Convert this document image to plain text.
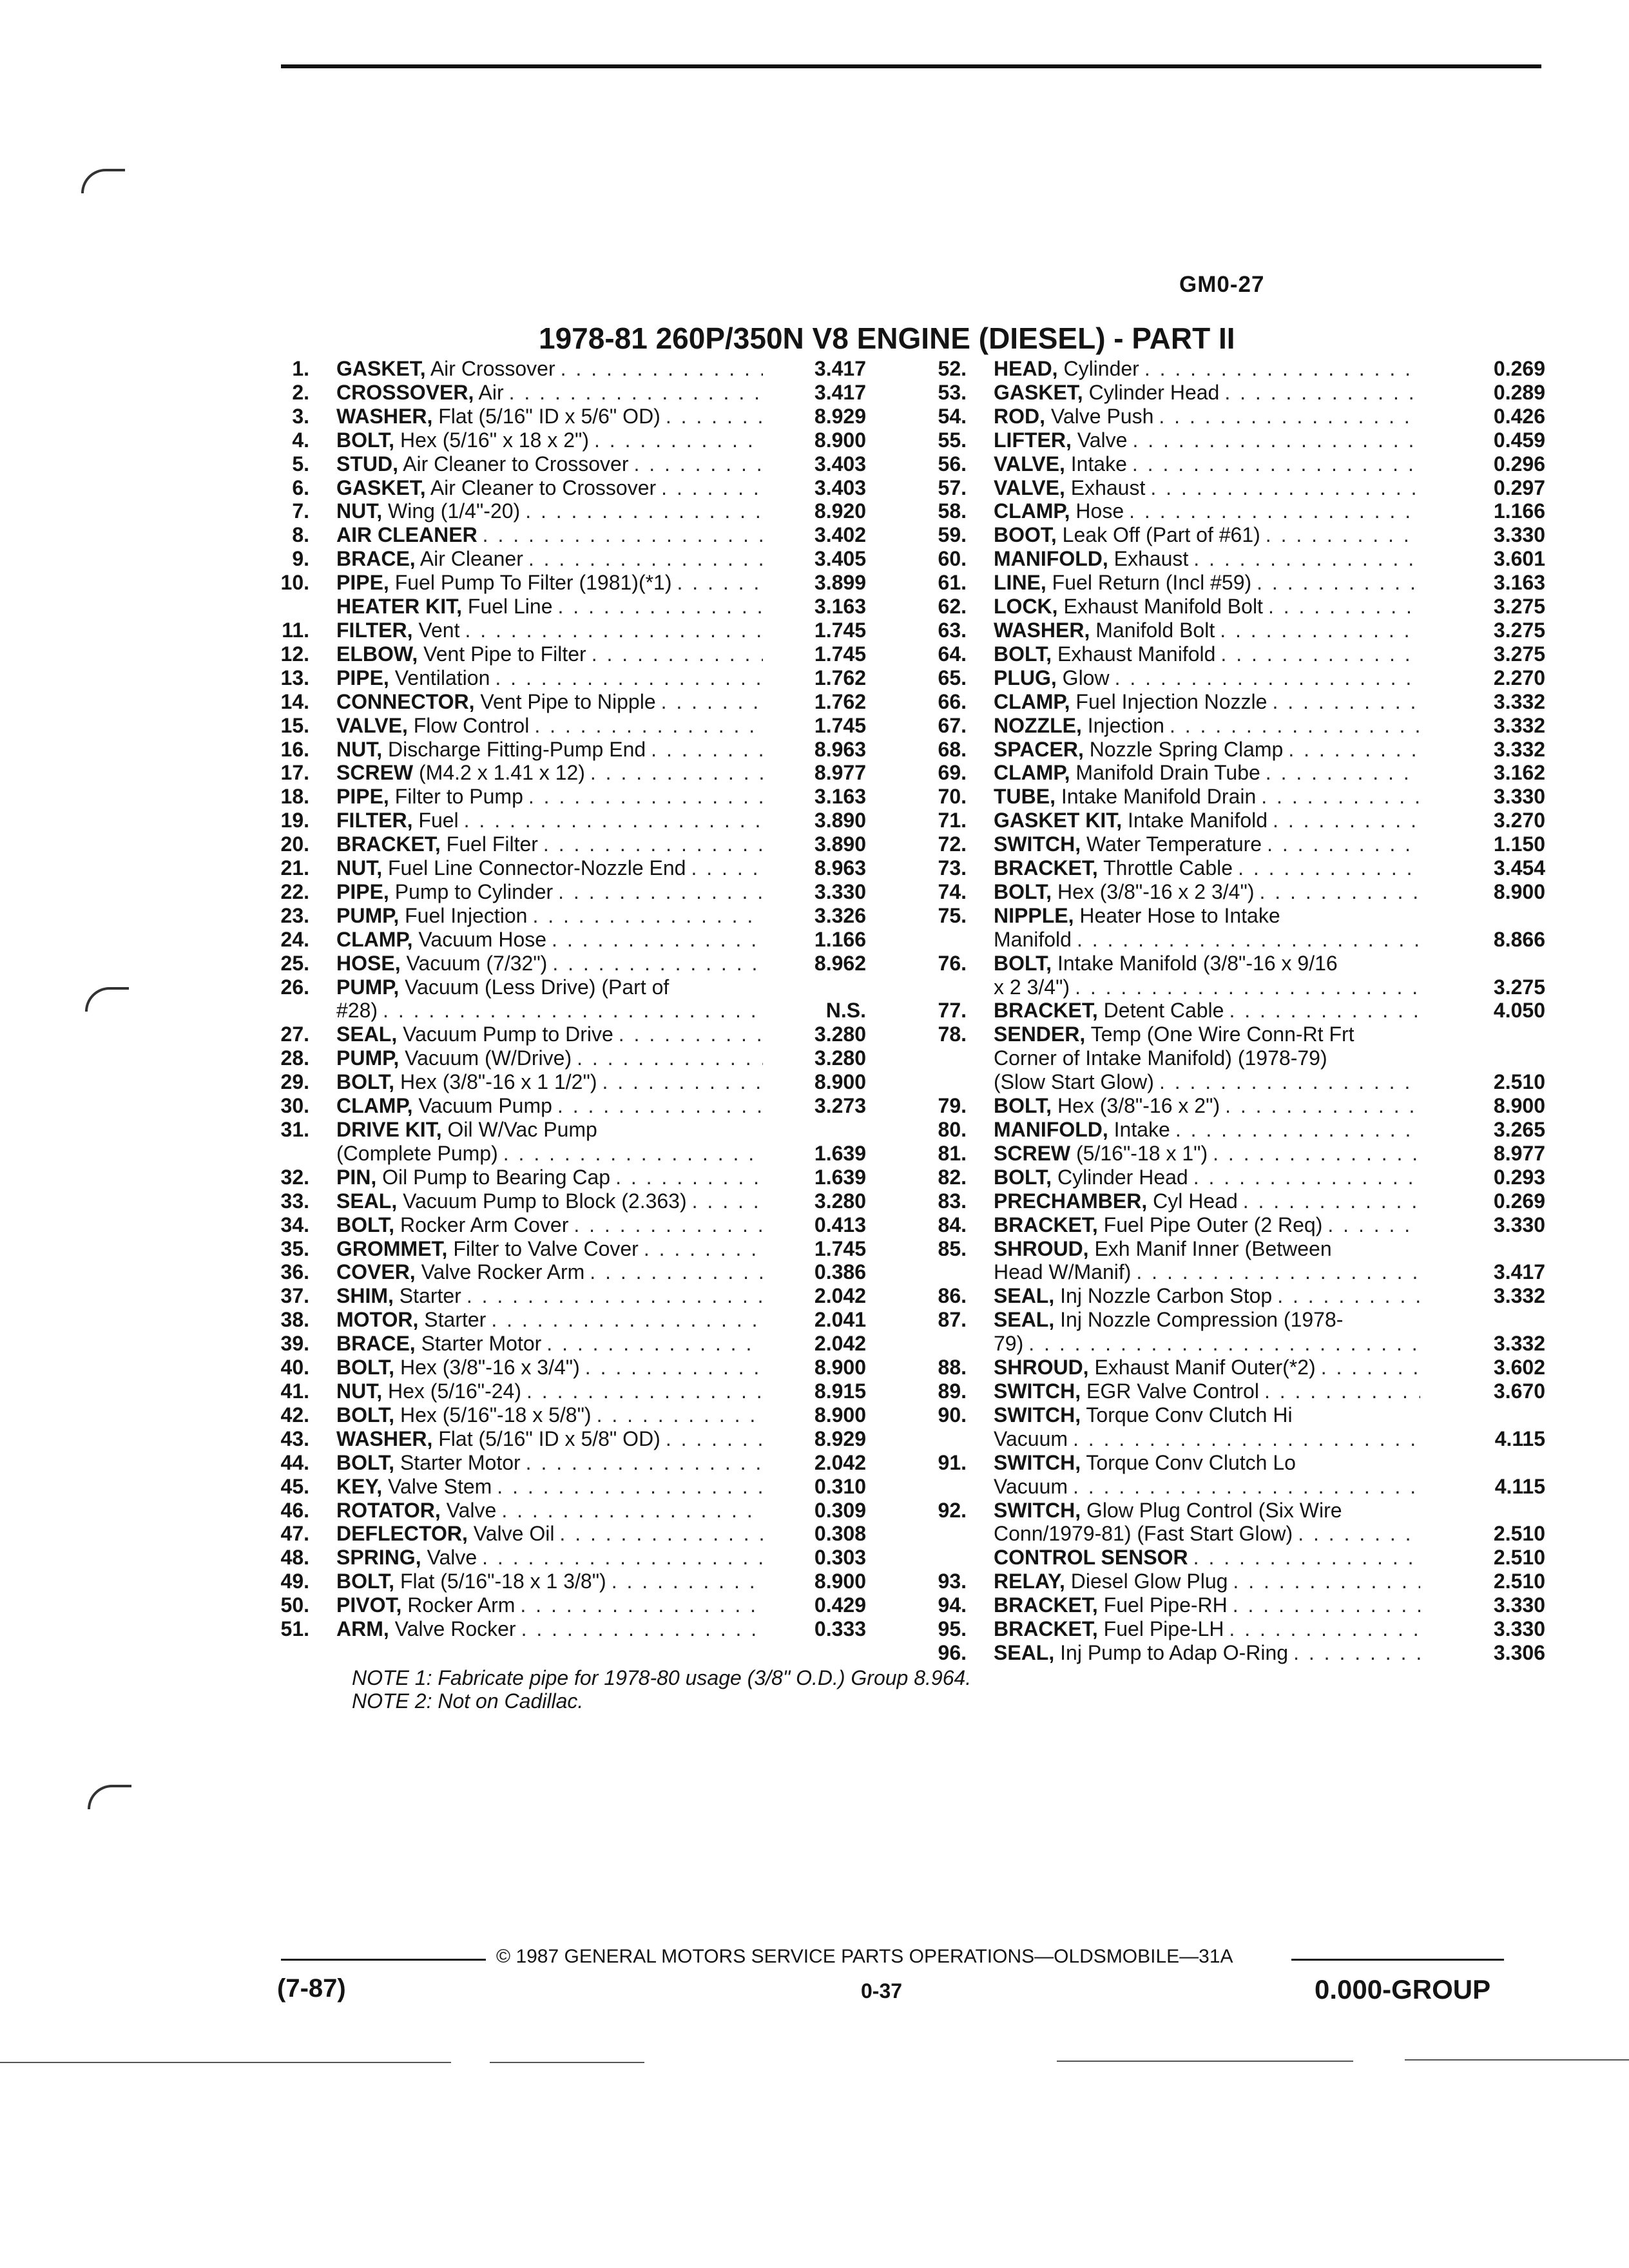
GM0-27
1978-81 260P/350N V8 ENGINE (DIESEL) - PART II
1. GASKET, Air Crossover . . .	3.417
2. CROSSOVER, Air . . .	3.417
3. WASHER, Flat (5/16" ID x 5/6" OD) . . .	8.929
4. BOLT, Hex (5/16" x 18 x 2") . . .	8.900
5. STUD, Air Cleaner to Crossover . . .	3.403
6. GASKET, Air Cleaner to Crossover . . .	3.403
7. NUT, Wing (1/4"-20) . . .	8.920
8. AIR CLEANER . . .	3.402
9. BRACE, Air Cleaner . . .	3.405
10. PIPE, Fuel Pump To Filter (1981)(*1) . . .	3.899
HEATER KIT, Fuel Line . . .	3.163
11. FILTER, Vent . . .	1.745
12. ELBOW, Vent Pipe to Filter . . .	1.745
13. PIPE, Ventilation . . .	1.762
14. CONNECTOR, Vent Pipe to Nipple . . .	1.762
15. VALVE, Flow Control . . .	1.745
16. NUT, Discharge Fitting-Pump End . . .	8.963
17. SCREW (M4.2 x 1.41 x 12) . . .	8.977
18. PIPE, Filter to Pump . . .	3.163
19. FILTER, Fuel . . .	3.890
20. BRACKET, Fuel Filter . . .	3.890
21. NUT, Fuel Line Connector-Nozzle End . . .	8.963
22. PIPE, Pump to Cylinder . . .	3.330
23. PUMP, Fuel Injection . . .	3.326
24. CLAMP, Vacuum Hose . . .	1.166
25. HOSE, Vacuum (7/32") . . .	8.962
26. PUMP, Vacuum (Less Drive) (Part of
#28) . . .	N.S.
27. SEAL, Vacuum Pump to Drive . . .	3.280
28. PUMP, Vacuum (W/Drive) . . .	3.280
29. BOLT, Hex (3/8"-16 x 1 1/2") . . .	8.900
30. CLAMP, Vacuum Pump . . .	3.273
31. DRIVE KIT, Oil W/Vac Pump
(Complete Pump) . . .	1.639
32. PIN, Oil Pump to Bearing Cap . . .	1.639
33. SEAL, Vacuum Pump to Block (2.363) . . .	3.280
34. BOLT, Rocker Arm Cover . . .	0.413
35. GROMMET, Filter to Valve Cover . . .	1.745
36. COVER, Valve Rocker Arm . . .	0.386
37. SHIM, Starter . . .	2.042
38. MOTOR, Starter . . .	2.041
39. BRACE, Starter Motor . . .	2.042
40. BOLT, Hex (3/8"-16 x 3/4") . . .	8.900
41. NUT, Hex (5/16"-24) . . .	8.915
42. BOLT, Hex (5/16"-18 x 5/8") . . .	8.900
43. WASHER, Flat (5/16" ID x 5/8" OD) . . .	8.929
44. BOLT, Starter Motor . . .	2.042
45. KEY, Valve Stem . . .	0.310
46. ROTATOR, Valve . . .	0.309
47. DEFLECTOR, Valve Oil . . .	0.308
48. SPRING, Valve . . .	0.303
49. BOLT, Flat (5/16"-18 x 1 3/8") . . .	8.900
50. PIVOT, Rocker Arm . . .	0.429
51. ARM, Valve Rocker . . .	0.333
52. HEAD, Cylinder . . .	0.269
53. GASKET, Cylinder Head . . .	0.289
54. ROD, Valve Push . . .	0.426
55. LIFTER, Valve . . .	0.459
56. VALVE, Intake . . .	0.296
57. VALVE, Exhaust . . .	0.297
58. CLAMP, Hose . . .	1.166
59. BOOT, Leak Off (Part of #61) . . .	3.330
60. MANIFOLD, Exhaust . . .	3.601
61. LINE, Fuel Return (Incl #59) . . .	3.163
62. LOCK, Exhaust Manifold Bolt . . .	3.275
63. WASHER, Manifold Bolt . . .	3.275
64. BOLT, Exhaust Manifold . . .	3.275
65. PLUG, Glow . . .	2.270
66. CLAMP, Fuel Injection Nozzle . . .	3.332
67. NOZZLE, Injection . . .	3.332
68. SPACER, Nozzle Spring Clamp . . .	3.332
69. CLAMP, Manifold Drain Tube . . .	3.162
70. TUBE, Intake Manifold Drain . . .	3.330
71. GASKET KIT, Intake Manifold . . .	3.270
72. SWITCH, Water Temperature . . .	1.150
73. BRACKET, Throttle Cable . . .	3.454
74. BOLT, Hex (3/8"-16 x 2 3/4") . . .	8.900
75. NIPPLE, Heater Hose to Intake
Manifold . . .	8.866
76. BOLT, Intake Manifold (3/8"-16 x 9/16
x 2 3/4") . . .	3.275
77. BRACKET, Detent Cable . . .	4.050
78. SENDER, Temp (One Wire Conn-Rt Frt
Corner of Intake Manifold) (1978-79)
(Slow Start Glow) . . .	2.510
79. BOLT, Hex (3/8"-16 x 2") . . .	8.900
80. MANIFOLD, Intake . . .	3.265
81. SCREW (5/16"-18 x 1") . . .	8.977
82. BOLT, Cylinder Head . . .	0.293
83. PRECHAMBER, Cyl Head . . .	0.269
84. BRACKET, Fuel Pipe Outer (2 Req) . . .	3.330
85. SHROUD, Exh Manif Inner (Between
Head W/Manif) . . .	3.417
86. SEAL, Inj Nozzle Carbon Stop . . .	3.332
87. SEAL, Inj Nozzle Compression (1978-
79) . . .	3.332
88. SHROUD, Exhaust Manif Outer(*2) . . .	3.602
89. SWITCH, EGR Valve Control . . .	3.670
90. SWITCH, Torque Conv Clutch Hi
Vacuum . . .	4.115
91. SWITCH, Torque Conv Clutch Lo
Vacuum . . .	4.115
92. SWITCH, Glow Plug Control (Six Wire
Conn/1979-81) (Fast Start Glow) . . .	2.510
CONTROL SENSOR . . .	2.510
93. RELAY, Diesel Glow Plug . . .	2.510
94. BRACKET, Fuel Pipe-RH . . .	3.330
95. BRACKET, Fuel Pipe-LH . . .	3.330
96. SEAL, Inj Pump to Adap O-Ring . . .	3.306
NOTE 1: Fabricate pipe for 1978-80 usage (3/8" O.D.) Group 8.964.
NOTE 2: Not on Cadillac.
© 1987 GENERAL MOTORS SERVICE PARTS OPERATIONS—OLDSMOBILE—31A
(7-87)	0-37	0.000-GROUP
